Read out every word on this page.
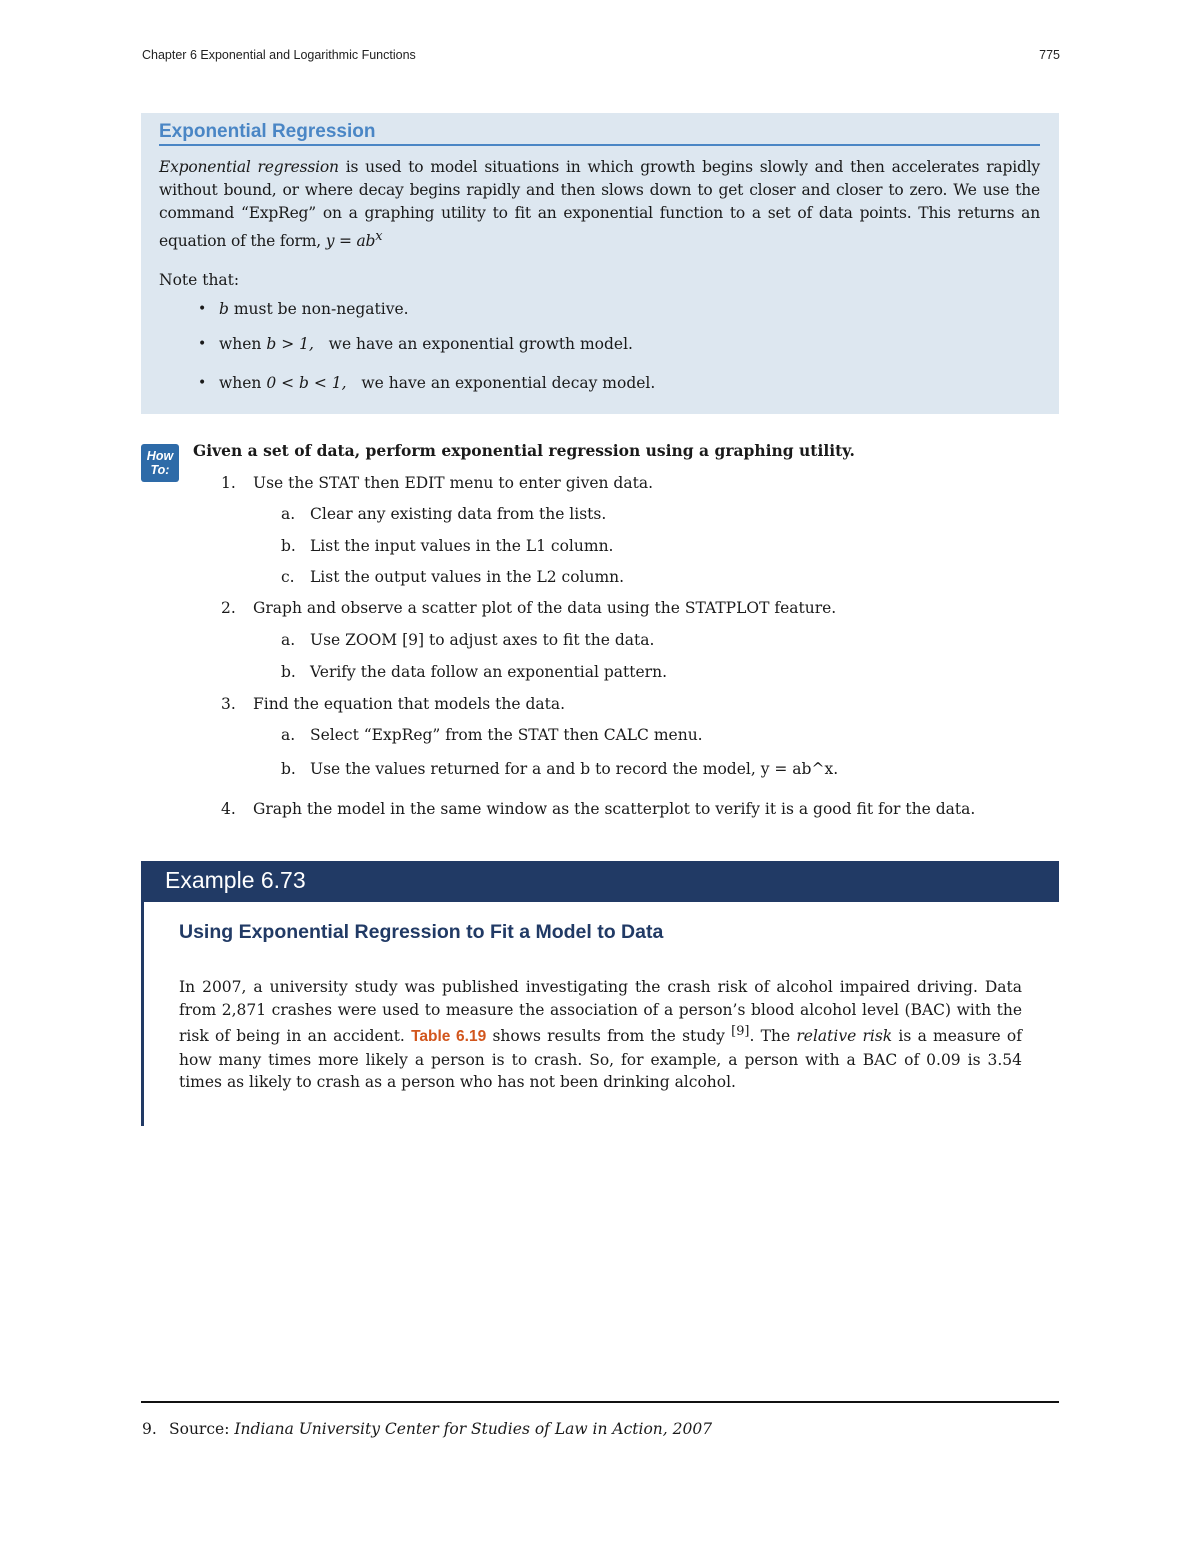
Chapter 6 Exponential and Logarithmic Functions	775
Exponential Regression

Exponential regression is used to model situations in which growth begins slowly and then accelerates rapidly without bound, or where decay begins rapidly and then slows down to get closer and closer to zero. We use the command “ExpReg” on a graphing utility to fit an exponential function to a set of data points. This returns an equation of the form, $y = ab^x$

Note that:

• b must be non-negative.
• when b > 1,   we have an exponential growth model.
• when 0 < b < 1,   we have an exponential decay model.
How
To:
Given a set of data, perform exponential regression using a graphing utility.
1. Use the STAT then EDIT menu to enter given data.
a. Clear any existing data from the lists.
b. List the input values in the L1 column.
c. List the output values in the L2 column.
2. Graph and observe a scatter plot of the data using the STATPLOT feature.
a. Use ZOOM [9] to adjust axes to fit the data.
b. Verify the data follow an exponential pattern.
3. Find the equation that models the data.
a. Select “ExpReg” from the STAT then CALC menu.
b. Use the values returned for a and b to record the model, y = ab^x.
4. Graph the model in the same window as the scatterplot to verify it is a good fit for the data.
Example 6.73
Using Exponential Regression to Fit a Model to Data

In 2007, a university study was published investigating the crash risk of alcohol impaired driving. Data from 2,871 crashes were used to measure the association of a person’s blood alcohol level (BAC) with the risk of being in an accident. Table 6.19 shows results from the study [9]. The relative risk is a measure of how many times more likely a person is to crash. So, for example, a person with a BAC of 0.09 is 3.54 times as likely to crash as a person who has not been drinking alcohol.

9. Source: Indiana University Center for Studies of Law in Action, 2007
